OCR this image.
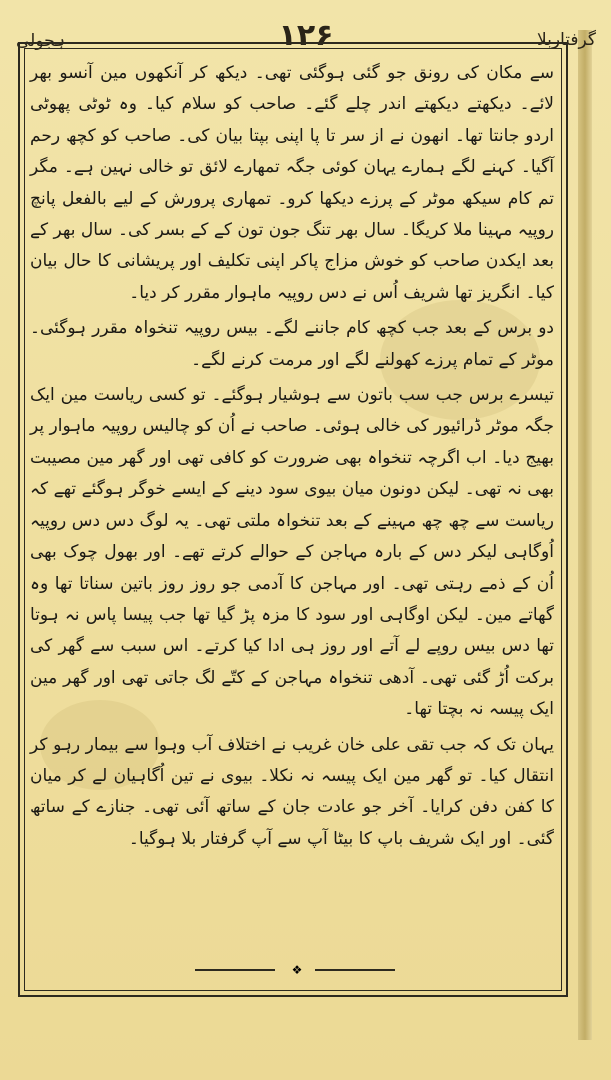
گرفتاربلا
۱۲۶
ہجولی

سے مکان کی رونق جو گئی ہوگئی تھی۔ دیکھ کر آنکھوں مین آنسو بھر لائے۔ دیکھتے دیکھتے اندر چلے گئے۔ صاحب کو سلام کیا۔ وہ ٹوٹی پھوٹی اردو جانتا تھا۔ انھون نے از سر تا پا اپنی بپتا بیان کی۔ صاحب کو کچھ رحم آگیا۔ کہنے لگے ہمارے یہان کوئی جگہ تمھارے لائق تو خالی نہین ہے۔ مگر تم کام سیکھ موٹر کے پرزے دیکھا کرو۔ تمھاری پرورش کے لیے بالفعل پانچ روپیہ مہینا ملا کریگا۔ سال بھر تنگ جون تون کے کے بسر کی۔ سال بھر کے بعد ایکدن صاحب کو خوش مزاج پاکر اپنی تکلیف اور پریشانی کا حال بیان کیا۔ انگریز تھا شریف اُس نے دس روپیہ ماہوار مقرر کر دیا۔

دو برس کے بعد جب کچھ کام جاننے لگے۔ بیس روپیہ تنخواہ مقرر ہوگئی۔ موٹر کے تمام پرزے کھولنے لگے اور مرمت کرنے لگے۔

تیسرے برس جب سب باتون سے ہوشیار ہوگئے۔ تو کسی ریاست مین ایک جگہ موٹر ڈرائیور کی خالی ہوئی۔ صاحب نے اُن کو چالیس روپیہ ماہوار پر بھیج دیا۔ اب اگرچہ تنخواہ بھی ضرورت کو کافی تھی اور گھر مین مصیبت بھی نہ تھی۔ لیکن دونون میان بیوی سود دینے کے ایسے خوگر ہوگئے تھے کہ ریاست سے چھ چھ مہینے کے بعد تنخواہ ملتی تھی۔ یہ لوگ دس دس روپیہ اُوگاہی لیکر دس کے بارہ مہاجن کے حوالے کرتے تھے۔ اور بھول چوک بھی اُن کے ذمے رہتی تھی۔ اور مہاجن کا آدمی جو روز روز باتین سناتا تھا وہ گھاتے مین۔ لیکن اوگاہی اور سود کا مزہ پڑ گیا تھا جب پیسا پاس نہ ہوتا تھا دس بیس روپے لے آتے اور روز ہی ادا کیا کرتے۔ اس سبب سے گھر کی برکت اُڑ گئی تھی۔ آدھی تنخواہ مہاجن کے کتّے لگ جاتی تھی اور گھر مین ایک پیسہ نہ بچتا تھا۔

یہان تک کہ جب تقی علی خان غریب نے اختلاف آب وہوا سے بیمار رہو کر انتقال کیا۔ تو گھر مین ایک پیسہ نہ نکلا۔ بیوی نے تین اُگاہیان لے کر میان کا کفن دفن کرایا۔ آخر جو عادت جان کے ساتھ آئی تھی۔ جنازے کے ساتھ گئی۔ اور ایک شریف باپ کا بیٹا آپ سے آپ گرفتار بلا ہوگیا۔

❖
